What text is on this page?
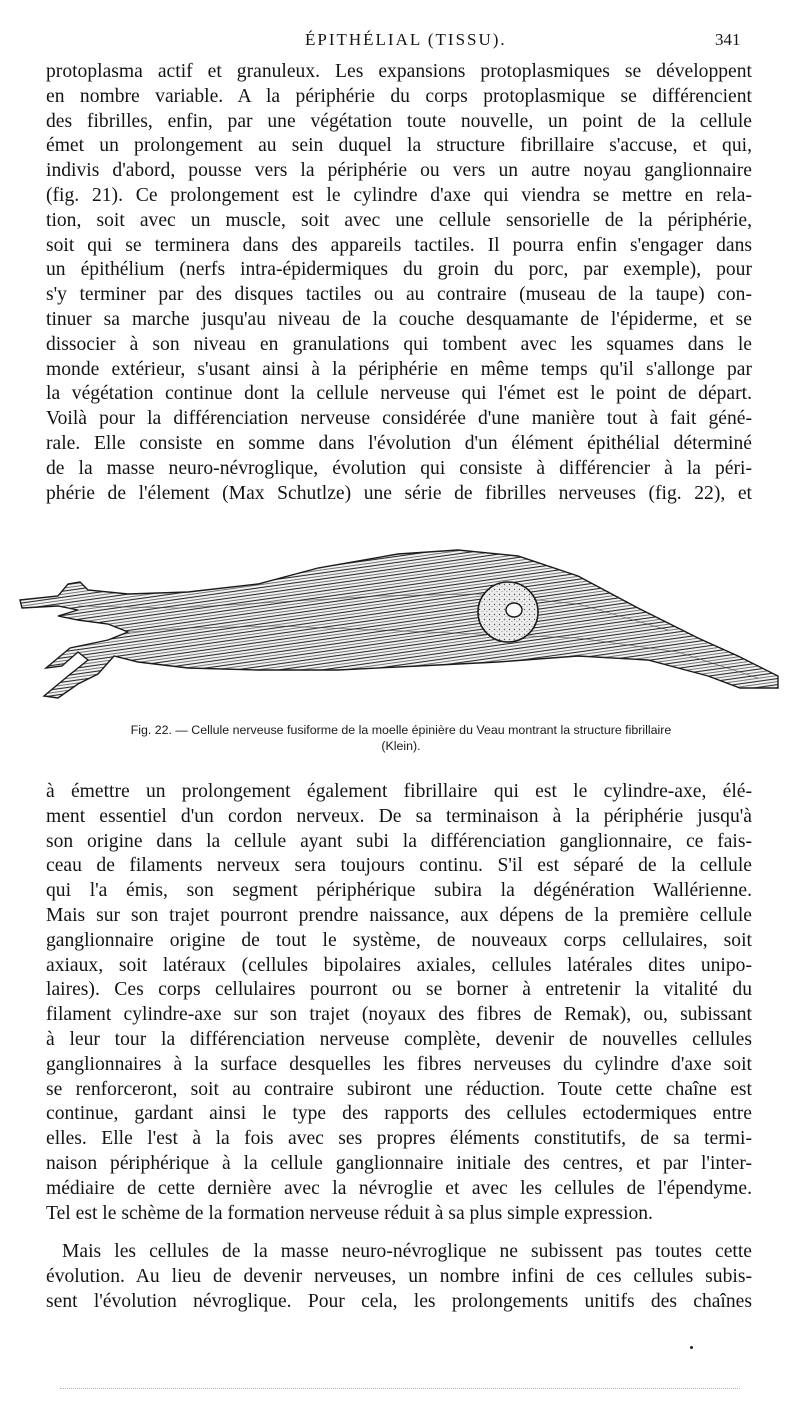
ÉPITHÉLIAL (TISSU).	341
protoplasma actif et granuleux. Les expansions protoplasmiques se développent
en nombre variable. A la périphérie du corps protoplasmique se différencient
des fibrilles, enfin, par une végétation toute nouvelle, un point de la cellule
émet un prolongement au sein duquel la structure fibrillaire s'accuse, et qui,
indivis d'abord, pousse vers la périphérie ou vers un autre noyau ganglionnaire
(fig. 21). Ce prolongement est le cylindre d'axe qui viendra se mettre en rela-
tion, soit avec un muscle, soit avec une cellule sensorielle de la périphérie,
soit qui se terminera dans des appareils tactiles. Il pourra enfin s'engager dans
un épithélium (nerfs intra-épidermiques du groin du porc, par exemple), pour
s'y terminer par des disques tactiles ou au contraire (museau de la taupe) con-
tinuer sa marche jusqu'au niveau de la couche desquamante de l'épiderme, et se
dissocier à son niveau en granulations qui tombent avec les squames dans le
monde extérieur, s'usant ainsi à la périphérie en même temps qu'il s'allonge par
la végétation continue dont la cellule nerveuse qui l'émet est le point de départ.
Voilà pour la différenciation nerveuse considérée d'une manière tout à fait géné-
rale. Elle consiste en somme dans l'évolution d'un élément épithélial déterminé
de la masse neuro-névroglique, évolution qui consiste à différencier à la péri-
phérie de l'élement (Max Schutlze) une série de fibrilles nerveuses (fig. 22), et
Fig. 22. — Cellule nerveuse fusiforme de la moelle épinière du Veau montrant la structure fibrillaire
(Klein).
à émettre un prolongement également fibrillaire qui est le cylindre-axe, élé-
ment essentiel d'un cordon nerveux. De sa terminaison à la périphérie jusqu'à
son origine dans la cellule ayant subi la différenciation ganglionnaire, ce fais-
ceau de filaments nerveux sera toujours continu. S'il est séparé de la cellule
qui l'a émis, son segment périphérique subira la dégénération Wallérienne.
Mais sur son trajet pourront prendre naissance, aux dépens de la première cellule
ganglionnaire origine de tout le système, de nouveaux corps cellulaires, soit
axiaux, soit latéraux (cellules bipolaires axiales, cellules latérales dites unipo-
laires). Ces corps cellulaires pourront ou se borner à entretenir la vitalité du
filament cylindre-axe sur son trajet (noyaux des fibres de Remak), ou, subissant
à leur tour la différenciation nerveuse complète, devenir de nouvelles cellules
ganglionnaires à la surface desquelles les fibres nerveuses du cylindre d'axe soit
se renforceront, soit au contraire subiront une réduction. Toute cette chaîne est
continue, gardant ainsi le type des rapports des cellules ectodermiques entre
elles. Elle l'est à la fois avec ses propres éléments constitutifs, de sa termi-
naison périphérique à la cellule ganglionnaire initiale des centres, et par l'inter-
médiaire de cette dernière avec la névroglie et avec les cellules de l'épendyme.
Tel est le schème de la formation nerveuse réduit à sa plus simple expression.
Mais les cellules de la masse neuro-névroglique ne subissent pas toutes cette
évolution. Au lieu de devenir nerveuses, un nombre infini de ces cellules subis-
sent l'évolution névroglique. Pour cela, les prolongements unitifs des chaînes
